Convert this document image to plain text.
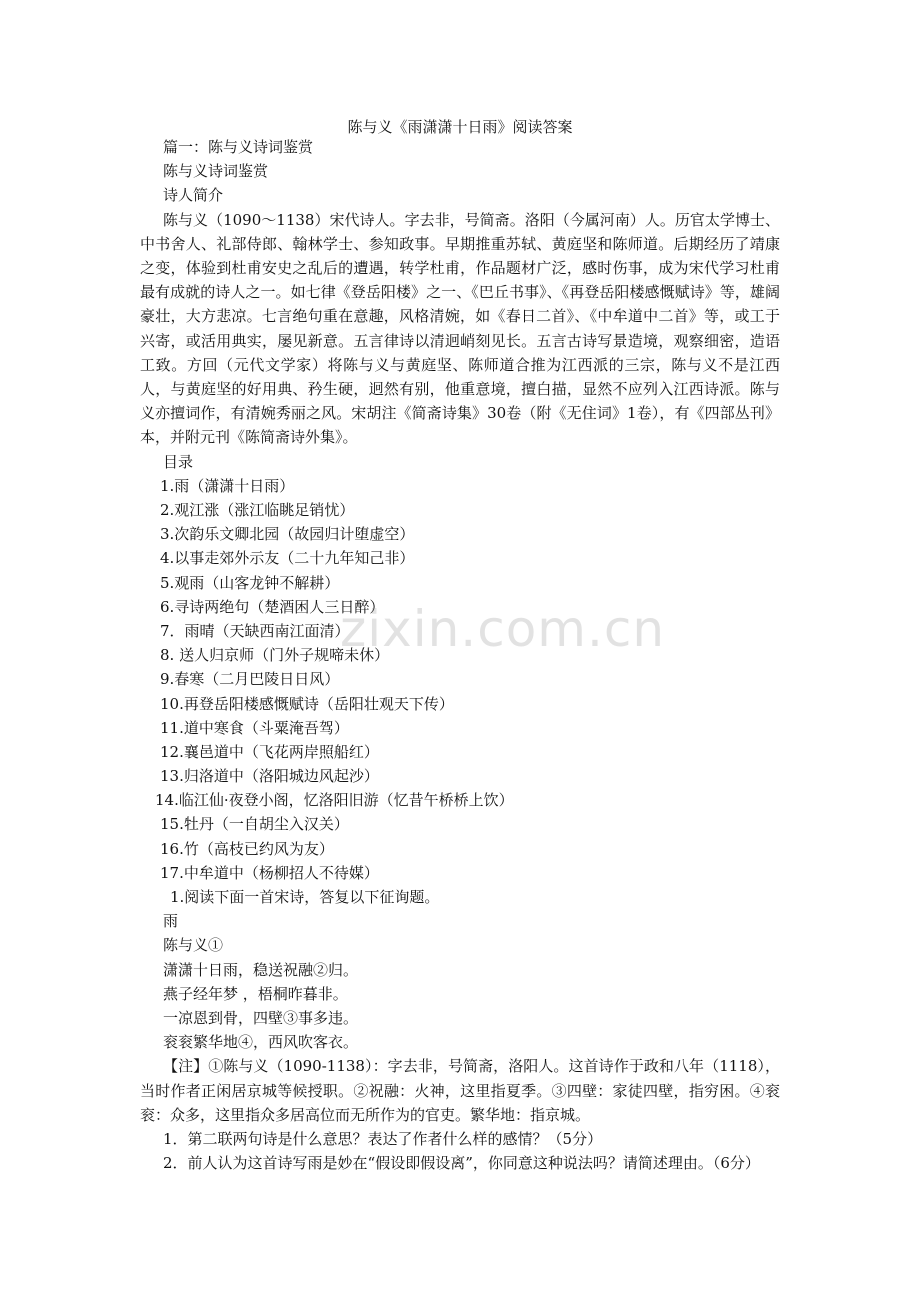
陈与义《雨潇潇十日雨》阅读答案
篇一：陈与义诗词鉴赏
陈与义诗词鉴赏
诗人简介

陈与义（1090～1138）宋代诗人。字去非，号简斋。洛阳（今属河南）人。历官太学博士、中书舍人、礼部侍郎、翰林学士、参知政事。早期推重苏轼、黄庭坚和陈师道。后期经历了靖康之变，体验到杜甫安史之乱后的遭遇，转学杜甫，作品题材广泛，感时伤事，成为宋代学习杜甫最有成就的诗人之一。如七律《登岳阳楼》之一、《巴丘书事》、《再登岳阳楼感慨赋诗》等，雄阔豪壮，大方悲凉。七言绝句重在意趣，风格清婉，如《春日二首》、《中牟道中二首》等，或工于兴寄，或活用典实，屡见新意。五言律诗以清迥峭刻见长。五言古诗写景造境，观察细密，造语工致。方回（元代文学家）将陈与义与黄庭坚、陈师道合推为江西派的三宗，陈与义不是江西人，与黄庭坚的好用典、矜生硬，迥然有别，他重意境，擅白描，显然不应列入江西诗派。陈与义亦擅词作，有清婉秀丽之风。宋胡注《简斋诗集》30卷（附《无住词》1卷），有《四部丛刊》本，并附元刊《陈简斋诗外集》。

目录
1.雨（潇潇十日雨）
2.观江涨（涨江临眺足销忧）
3.次韵乐文卿北园（故园归计堕虚空）
4.以事走郊外示友（二十九年知己非）
5.观雨（山客龙钟不解耕）
6.寻诗两绝句（楚酒困人三日醉）
7．雨晴（天缺西南江面清）
8. 送人归京师（门外子规啼未休）
9.春寒（二月巴陵日日风）
10.再登岳阳楼感慨赋诗（岳阳壮观天下传）
11.道中寒食（斗粟淹吾驾）
12.襄邑道中（飞花两岸照船红）
13.归洛道中（洛阳城边风起沙）
14.临江仙·夜登小阁，忆洛阳旧游（忆昔午桥桥上饮）
15.牡丹（一自胡尘入汉关）
16.竹（高枝已约风为友）
17.中牟道中（杨柳招人不待媒）
1.阅读下面一首宋诗，答复以下征询题。
雨
陈与义①
潇潇十日雨，稳送祝融②归。
燕子经年梦 ，梧桐昨暮非。
一凉恩到骨，四壁③事多违。
衮衮繁华地④，西风吹客衣。

【注】①陈与义（1090-1138）：字去非，号简斋，洛阳人。这首诗作于政和八年（1118），当时作者正闲居京城等候授职。②祝融：火神，这里指夏季。③四壁：家徒四壁，指穷困。④衮衮：众多，这里指众多居高位而无所作为的官吏。繁华地：指京城。

1．第二联两句诗是什么意思？表达了作者什么样的感情？（5分）
2．前人认为这首诗写雨是妙在“假设即假设离”，你同意这种说法吗？请简述理由。（6分）
zixin.com.cn
